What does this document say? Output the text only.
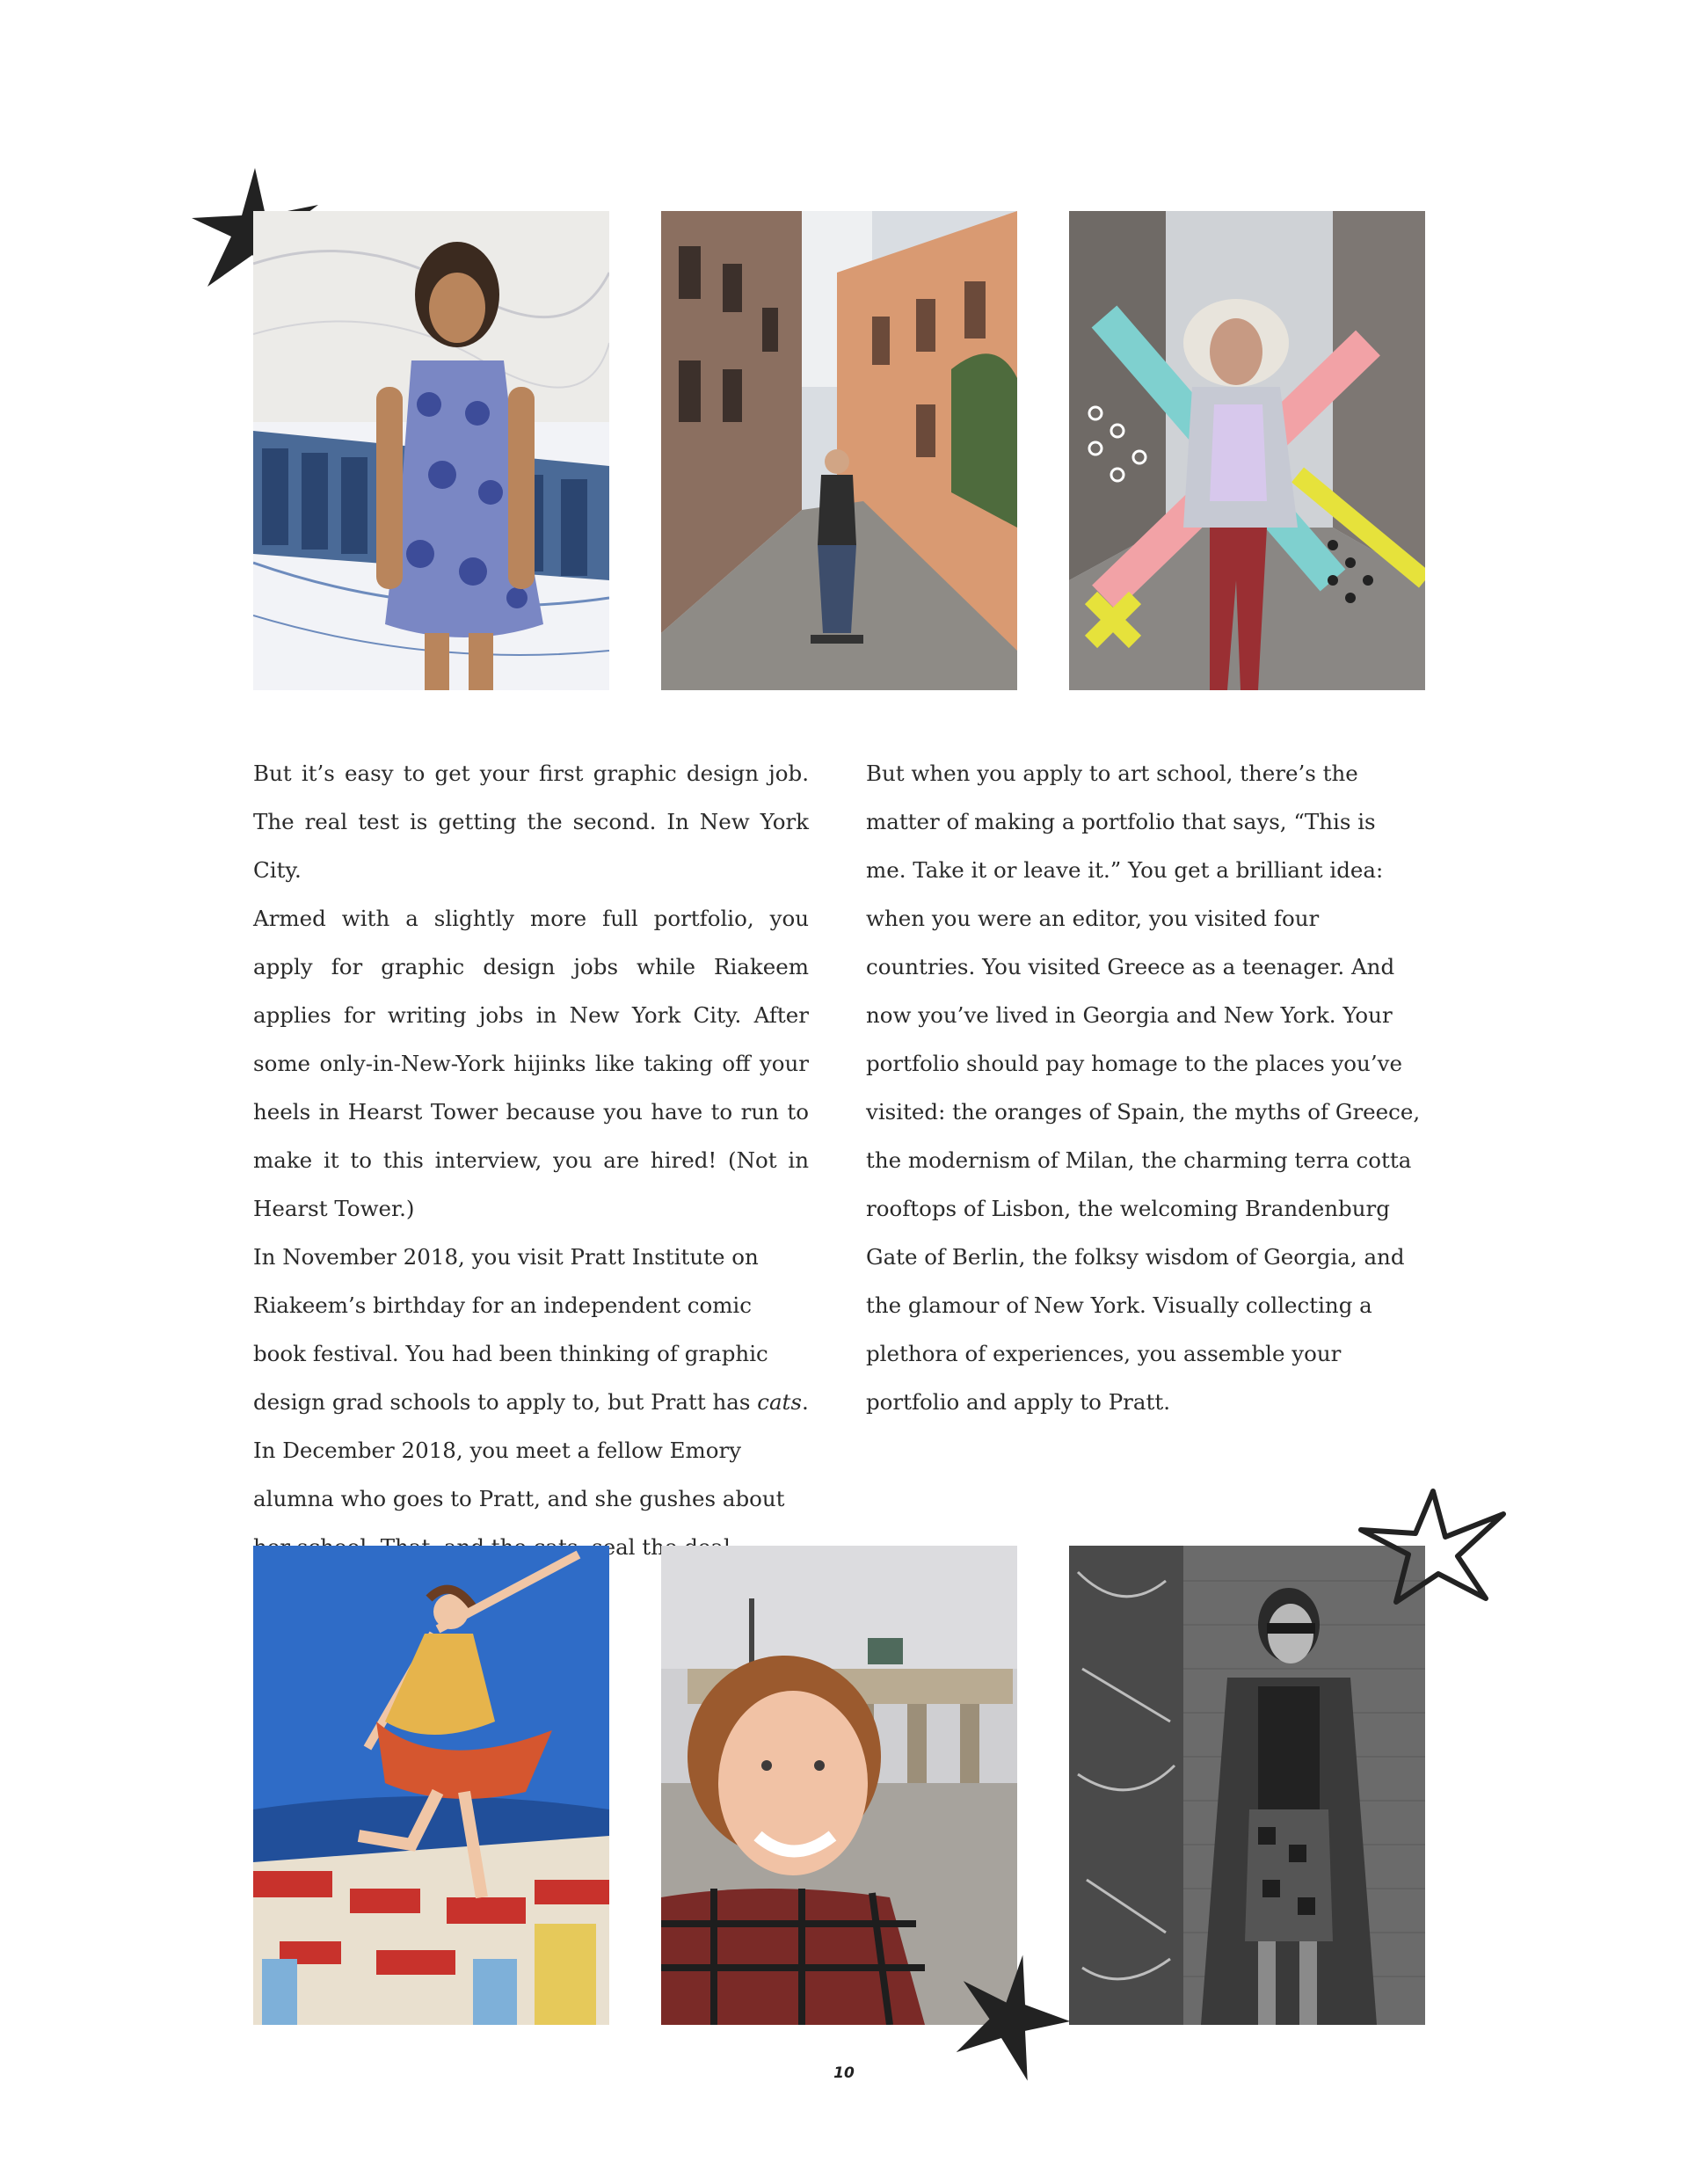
But it’s easy to get your first graphic design job. The real test is getting the second. In New York City.

Armed with a slightly more full portfolio, you apply for graphic design jobs while Riakeem applies for writing jobs in New York City. After some only-in-New-York hijinks like taking off your heels in Hearst Tower because you have to run to make it to this interview, you are hired! (Not in Hearst Tower.)

In November 2018, you visit Pratt Institute on Riakeem’s birthday for an independent comic book festival. You had been thinking of graphic design grad schools to apply to, but Pratt has cats. In December 2018, you meet a fellow Emory alumna who goes to Pratt, and she gushes about seal the

But when you apply to art school, there’s the matter of making a portfolio that says, “This is me. Take it or leave it.” You get a brilliant idea: when you were an editor, you visited four countries. You visited Greece as a teenager. And now you’ve lived in Georgia and New York. Your portfolio should pay homage to the places you’ve visited: the oranges of Spain, the myths of Greece, the modernism of Milan, the charming terra cotta rooftops of Lisbon, the welcoming Brandenburg Gate of Berlin, the folksy wisdom of Georgia, and the glamour of New York. Visually collecting a plethora of experiences, you assemble your portfolio and apply to Pratt.

10
